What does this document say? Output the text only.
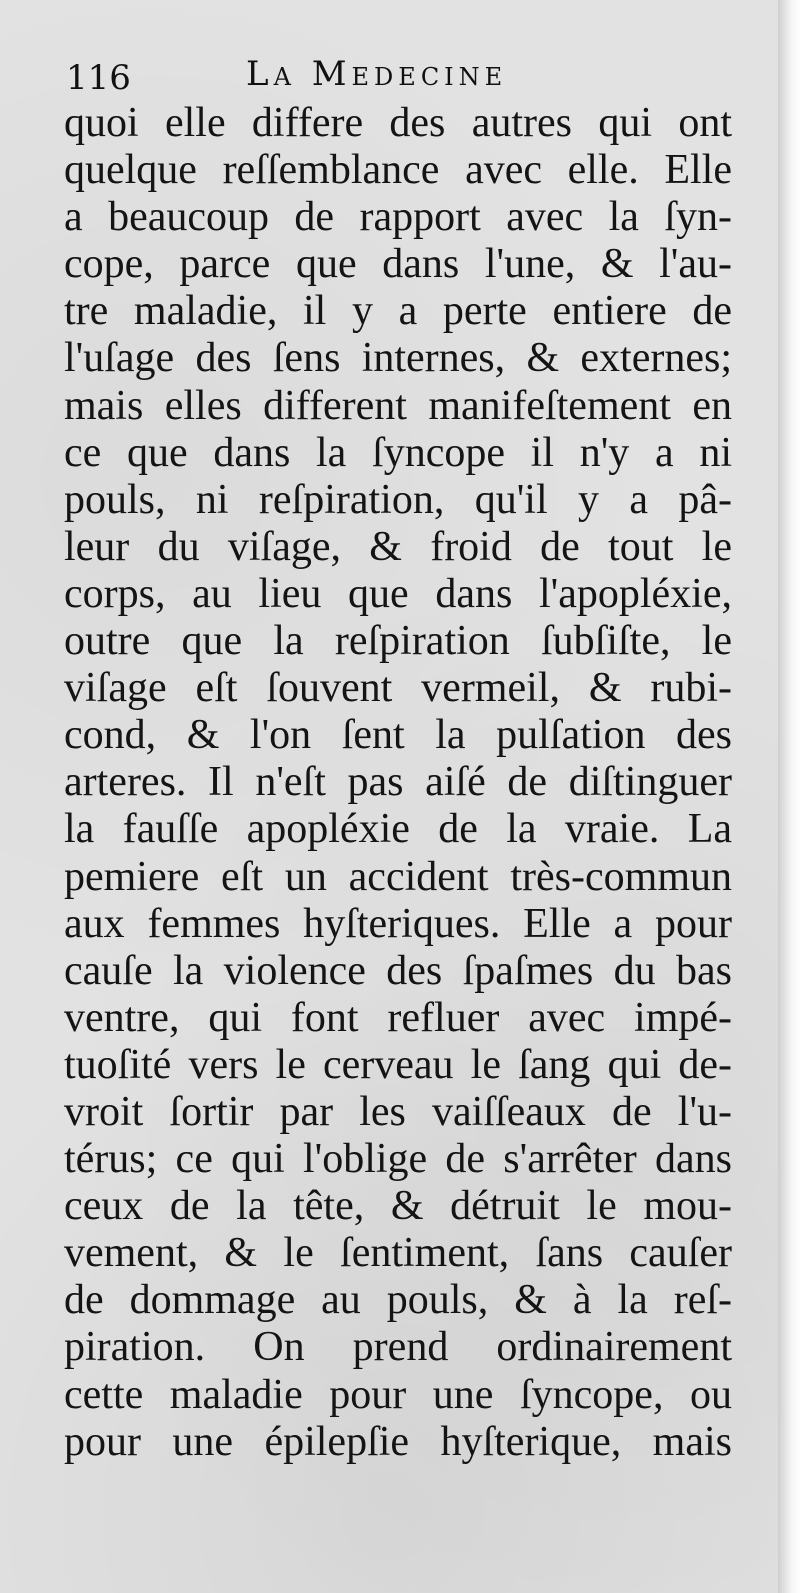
116	La Medecine
quoi elle differe des autres qui ont
quelque reſſemblance avec elle. Elle
a beaucoup de rapport avec la ſyn-
cope, parce que dans l'une, & l'au-
tre maladie, il y a perte entiere de
l'uſage des ſens internes, & externes;
mais elles different manifeſtement en
ce que dans la ſyncope il n'y a ni
pouls, ni reſpiration, qu'il y a pâ-
leur du viſage, & froid de tout le
corps, au lieu que dans l'apopléxie,
outre que la reſpiration ſubſiſte, le
viſage eſt ſouvent vermeil, & rubi-
cond, & l'on ſent la pulſation des
arteres. Il n'eſt pas aiſé de diſtinguer
la fauſſe apopléxie de la vraie. La
pemiere eſt un accident très-commun
aux femmes hyſteriques. Elle a pour
cauſe la violence des ſpaſmes du bas
ventre, qui font refluer avec impé-
tuoſité vers le cerveau le ſang qui de-
vroit ſortir par les vaiſſeaux de l'u-
térus; ce qui l'oblige de s'arrêter dans
ceux de la tête, & détruit le mou-
vement, & le ſentiment, ſans cauſer
de dommage au pouls, & à la reſ-
piration. On prend ordinairement
cette maladie pour une ſyncope, ou
pour une épilepſie hyſterique, mais
